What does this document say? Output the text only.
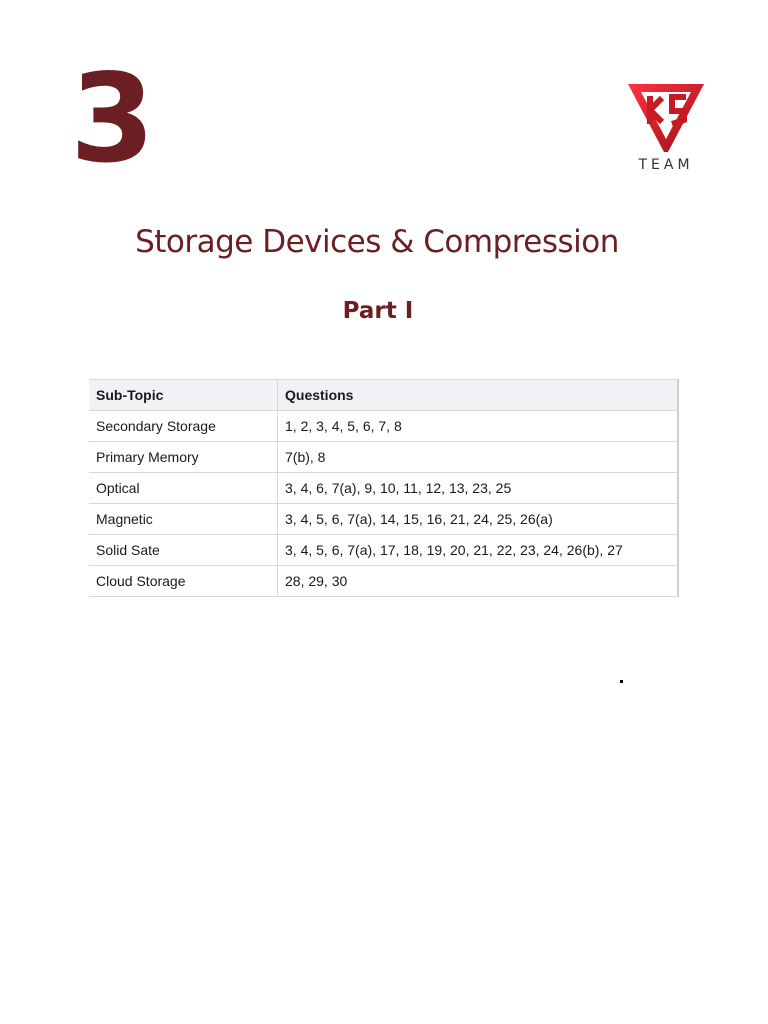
3	TEAM
Storage Devices & Compression
Part I
Sub-Topic	Questions
Secondary Storage	1, 2, 3, 4, 5, 6, 7, 8
Primary Memory	7(b), 8
Optical	3, 4, 6, 7(a), 9, 10, 11, 12, 13, 23, 25
Magnetic	3, 4, 5, 6, 7(a), 14, 15, 16, 21, 24, 25, 26(a)
Solid Sate	3, 4, 5, 6, 7(a), 17, 18, 19, 20, 21, 22, 23, 24, 26(b), 27
Cloud Storage	28, 29, 30
